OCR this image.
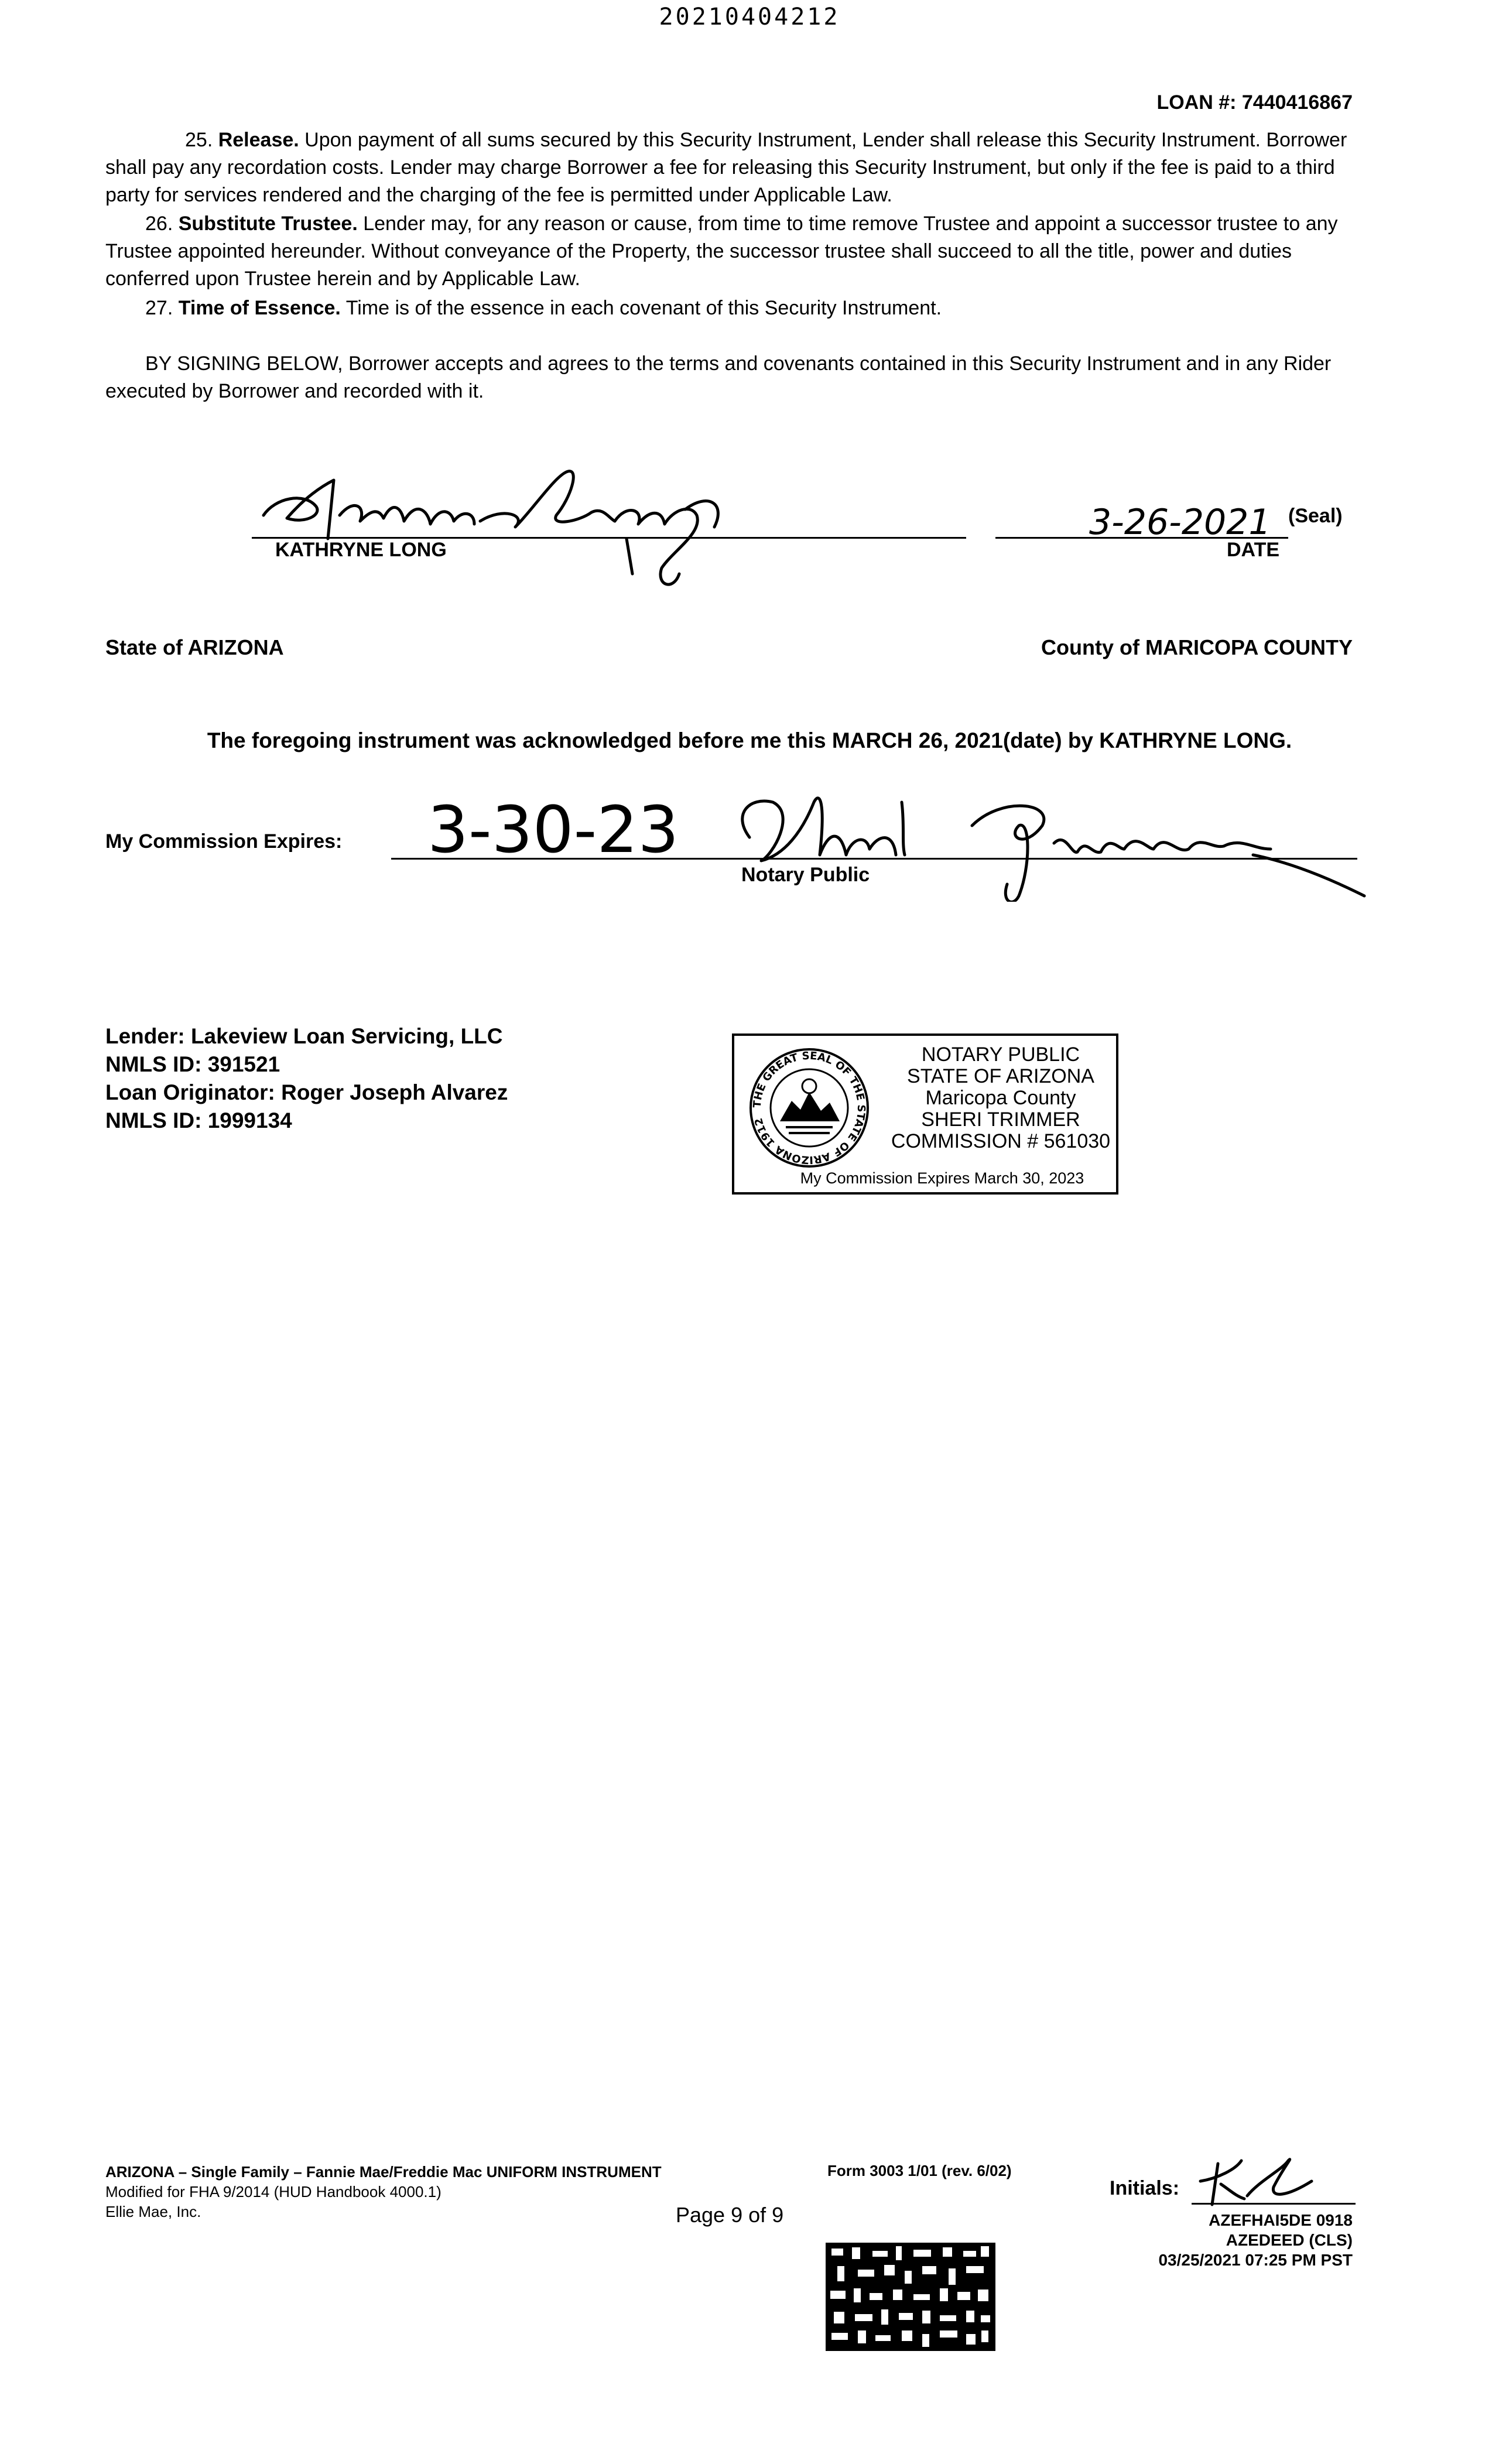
20210404212
LOAN #: 7440416867
25. Release. Upon payment of all sums secured by this Security Instrument, Lender shall release this Security Instrument. Borrower shall pay any recordation costs. Lender may charge Borrower a fee for releasing this Security Instrument, but only if the fee is paid to a third party for services rendered and the charging of the fee is permitted under Applicable Law.
26. Substitute Trustee. Lender may, for any reason or cause, from time to time remove Trustee and appoint a successor trustee to any Trustee appointed hereunder. Without conveyance of the Property, the successor trustee shall succeed to all the title, power and duties conferred upon Trustee herein and by Applicable Law.
27. Time of Essence. Time is of the essence in each covenant of this Security Instrument.
BY SIGNING BELOW, Borrower accepts and agrees to the terms and covenants contained in this Security Instrument and in any Rider executed by Borrower and recorded with it.
KATHRYNE LONG
3-26-2021 (Seal)
DATE
State of ARIZONA	County of MARICOPA COUNTY
The foregoing instrument was acknowledged before me this MARCH 26, 2021(date) by KATHRYNE LONG.
My Commission Expires: 3-30-23
Notary Public
Lender: Lakeview Loan Servicing, LLC
NMLS ID: 391521
Loan Originator: Roger Joseph Alvarez
NMLS ID: 1999134
THE GREAT SEAL OF THE STATE OF ARIZONA 1912
NOTARY PUBLIC
STATE OF ARIZONA
Maricopa County
SHERI TRIMMER
COMMISSION # 561030
My Commission Expires March 30, 2023
ARIZONA – Single Family – Fannie Mae/Freddie Mac UNIFORM INSTRUMENT
Modified for FHA 9/2014 (HUD Handbook 4000.1)
Ellie Mae, Inc.
Form 3003 1/01 (rev. 6/02)
Page 9 of 9
Initials:
AZEFHAI5DE 0918
AZEDEED (CLS)
03/25/2021 07:25 PM PST
